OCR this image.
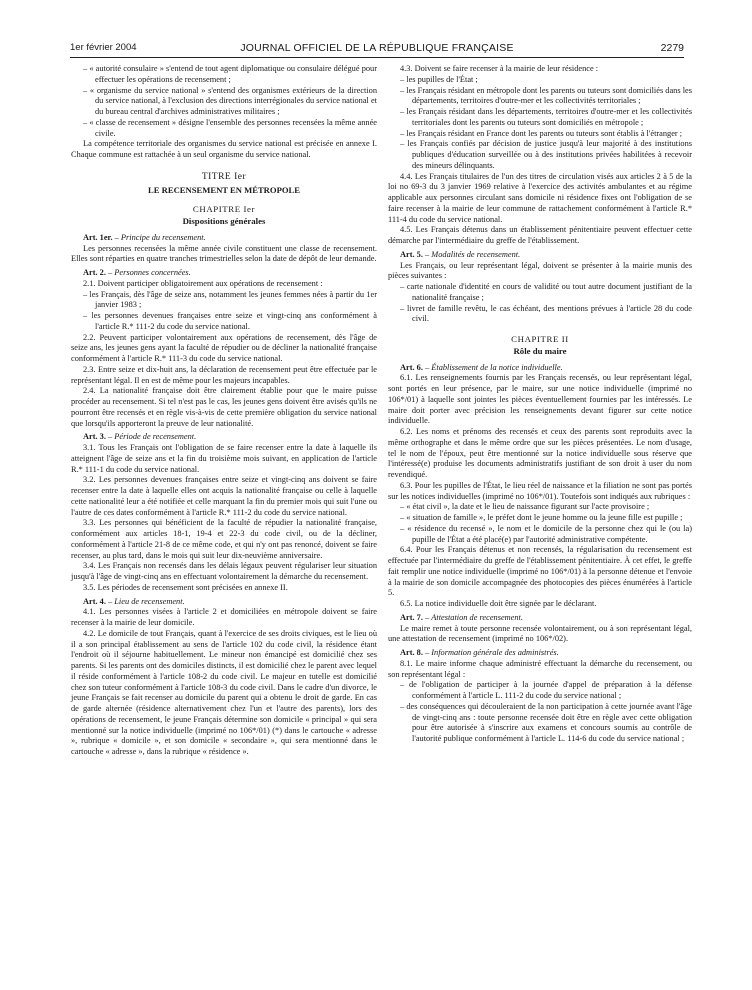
1er février 2004	JOURNAL OFFICIEL DE LA RÉPUBLIQUE FRANÇAISE	2279

– « autorité consulaire » s'entend de tout agent diplomatique ou consulaire délégué pour effectuer les opérations de recensement ;

– « organisme du service national » s'entend des organismes extérieurs de la direction du service national, à l'exclusion des directions interrégionales du service national et du bureau central d'archives administratives militaires ;

– « classe de recensement » désigne l'ensemble des personnes recensées la même année civile.

La compétence territoriale des organismes du service national est précisée en annexe I. Chaque commune est rattachée à un seul organisme du service national.

TITRE Ier

LE RECENSEMENT EN MÉTROPOLE

CHAPITRE Ier

Dispositions générales

Art. 1er. – Principe du recensement.

Les personnes recensées la même année civile constituent une classe de recensement. Elles sont réparties en quatre tranches trimestrielles selon la date de dépôt de leur demande.

Art. 2. – Personnes concernées.

2.1. Doivent participer obligatoirement aux opérations de recensement :

– les Français, dès l'âge de seize ans, notamment les jeunes femmes nées à partir du 1er janvier 1983 ;

– les personnes devenues françaises entre seize et vingt-cinq ans conformément à l'article R.* 111-2 du code du service national.

2.2. Peuvent participer volontairement aux opérations de recensement, dès l'âge de seize ans, les jeunes gens ayant la faculté de répudier ou de décliner la nationalité française conformément à l'article R.* 111-3 du code du service national.

2.3. Entre seize et dix-huit ans, la déclaration de recensement peut être effectuée par le représentant légal. Il en est de même pour les majeurs incapables.

2.4. La nationalité française doit être clairement établie pour que le maire puisse procéder au recensement. Si tel n'est pas le cas, les jeunes gens doivent être avisés qu'ils ne pourront être recensés et en règle vis-à-vis de cette première obligation du service national que lorsqu'ils apporteront la preuve de leur nationalité.

Art. 3. – Période de recensement.

3.1. Tous les Français ont l'obligation de se faire recenser entre la date à laquelle ils atteignent l'âge de seize ans et la fin du troisième mois suivant, en application de l'article R.* 111-1 du code du service national.

3.2. Les personnes devenues françaises entre seize et vingt-cinq ans doivent se faire recenser entre la date à laquelle elles ont acquis la nationalité française ou celle à laquelle cette nationalité leur a été notifiée et celle marquant la fin du premier mois qui suit l'une ou l'autre de ces dates conformément à l'article R.* 111-2 du code du service national.

3.3. Les personnes qui bénéficient de la faculté de répudier la nationalité française, conformément aux articles 18-1, 19-4 et 22-3 du code civil, ou de la décliner, conformément à l'article 21-8 de ce même code, et qui n'y ont pas renoncé, doivent se faire recenser, au plus tard, dans le mois qui suit leur dix-neuvième anniversaire.

3.4. Les Français non recensés dans les délais légaux peuvent régulariser leur situation jusqu'à l'âge de vingt-cinq ans en effectuant volontairement la démarche du recensement.

3.5. Les périodes de recensement sont précisées en annexe II.

Art. 4. – Lieu de recensement.

4.1. Les personnes visées à l'article 2 et domiciliées en métropole doivent se faire recenser à la mairie de leur domicile.

4.2. Le domicile de tout Français, quant à l'exercice de ses droits civiques, est le lieu où il a son principal établissement au sens de l'article 102 du code civil, la résidence étant l'endroit où il séjourne habituellement. Le mineur non émancipé est domicilié chez ses parents. Si les parents ont des domiciles distincts, il est domicilié chez le parent avec lequel il réside conformément à l'article 108-2 du code civil. Le majeur en tutelle est domicilié chez son tuteur conformément à l'article 108-3 du code civil. Dans le cadre d'un divorce, le jeune Français se fait recenser au domicile du parent qui a obtenu le droit de garde. En cas de garde alternée (résidence alternativement chez l'un et l'autre des parents), lors des opérations de recensement, le jeune Français détermine son domicile « principal » qui sera mentionné sur la notice individuelle (imprimé no 106*/01) (*) dans le cartouche « adresse », rubrique « domicile », et son domicile « secondaire », qui sera mentionné dans le cartouche « adresse », dans la rubrique « résidence ».

4.3. Doivent se faire recenser à la mairie de leur résidence :

– les pupilles de l'État ;

– les Français résidant en métropole dont les parents ou tuteurs sont domiciliés dans les départements, territoires d'outre-mer et les collectivités territoriales ;

– les Français résidant dans les départements, territoires d'outre-mer et les collectivités territoriales dont les parents ou tuteurs sont domiciliés en métropole ;

– les Français résidant en France dont les parents ou tuteurs sont établis à l'étranger ;

– les Français confiés par décision de justice jusqu'à leur majorité à des institutions publiques d'éducation surveillée ou à des institutions privées habilitées à recevoir des mineurs délinquants.

4.4. Les Français titulaires de l'un des titres de circulation visés aux articles 2 à 5 de la loi no 69-3 du 3 janvier 1969 relative à l'exercice des activités ambulantes et au régime applicable aux personnes circulant sans domicile ni résidence fixes ont l'obligation de se faire recenser à la mairie de leur commune de rattachement conformément à l'article R.* 111-4 du code du service national.

4.5. Les Français détenus dans un établissement pénitentiaire peuvent effectuer cette démarche par l'intermédiaire du greffe de l'établissement.

Art. 5. – Modalités de recensement.

Les Français, ou leur représentant légal, doivent se présenter à la mairie munis des pièces suivantes :

– carte nationale d'identité en cours de validité ou tout autre document justifiant de la nationalité française ;

– livret de famille revêtu, le cas échéant, des mentions prévues à l'article 28 du code civil.

CHAPITRE II

Rôle du maire

Art. 6. – Établissement de la notice individuelle.

6.1. Les renseignements fournis par les Français recensés, ou leur représentant légal, sont portés en leur présence, par le maire, sur une notice individuelle (imprimé no 106*/01) à laquelle sont jointes les pièces éventuellement fournies par les intéressés. Le maire doit porter avec précision les renseignements devant figurer sur cette notice individuelle.

6.2. Les noms et prénoms des recensés et ceux des parents sont reproduits avec la même orthographe et dans le même ordre que sur les pièces présentées. Le nom d'usage, tel le nom de l'époux, peut être mentionné sur la notice individuelle sous réserve que l'intéressé(e) produise les documents administratifs justifiant de son droit à user du nom revendiqué.

6.3. Pour les pupilles de l'État, le lieu réel de naissance et la filiation ne sont pas portés sur les notices individuelles (imprimé no 106*/01). Toutefois sont indiqués aux rubriques :

– « état civil », la date et le lieu de naissance figurant sur l'acte provisoire ;

– « situation de famille », le préfet dont le jeune homme ou la jeune fille est pupille ;

– « résidence du recensé », le nom et le domicile de la personne chez qui le (ou la) pupille de l'État a été placé(e) par l'autorité administrative compétente.

6.4. Pour les Français détenus et non recensés, la régularisation du recensement est effectuée par l'intermédiaire du greffe de l'établissement pénitentiaire. À cet effet, le greffe fait remplir une notice individuelle (imprimé no 106*/01) à la personne détenue et l'envoie à la mairie de son domicile accompagnée des photocopies des pièces énumérées à l'article 5.

6.5. La notice individuelle doit être signée par le déclarant.

Art. 7. – Attestation de recensement.

Le maire remet à toute personne recensée volontairement, ou à son représentant légal, une attestation de recensement (imprimé no 106*/02).

Art. 8. – Information générale des administrés.

8.1. Le maire informe chaque administré effectuant la démarche du recensement, ou son représentant légal :

– de l'obligation de participer à la journée d'appel de préparation à la défense conformément à l'article L. 111-2 du code du service national ;

– des conséquences qui découleraient de la non participation à cette journée avant l'âge de vingt-cinq ans : toute personne recensée doit être en règle avec cette obligation pour être autorisée à s'inscrire aux examens et concours soumis au contrôle de l'autorité publique conformément à l'article L. 114-6 du code du service national ;
